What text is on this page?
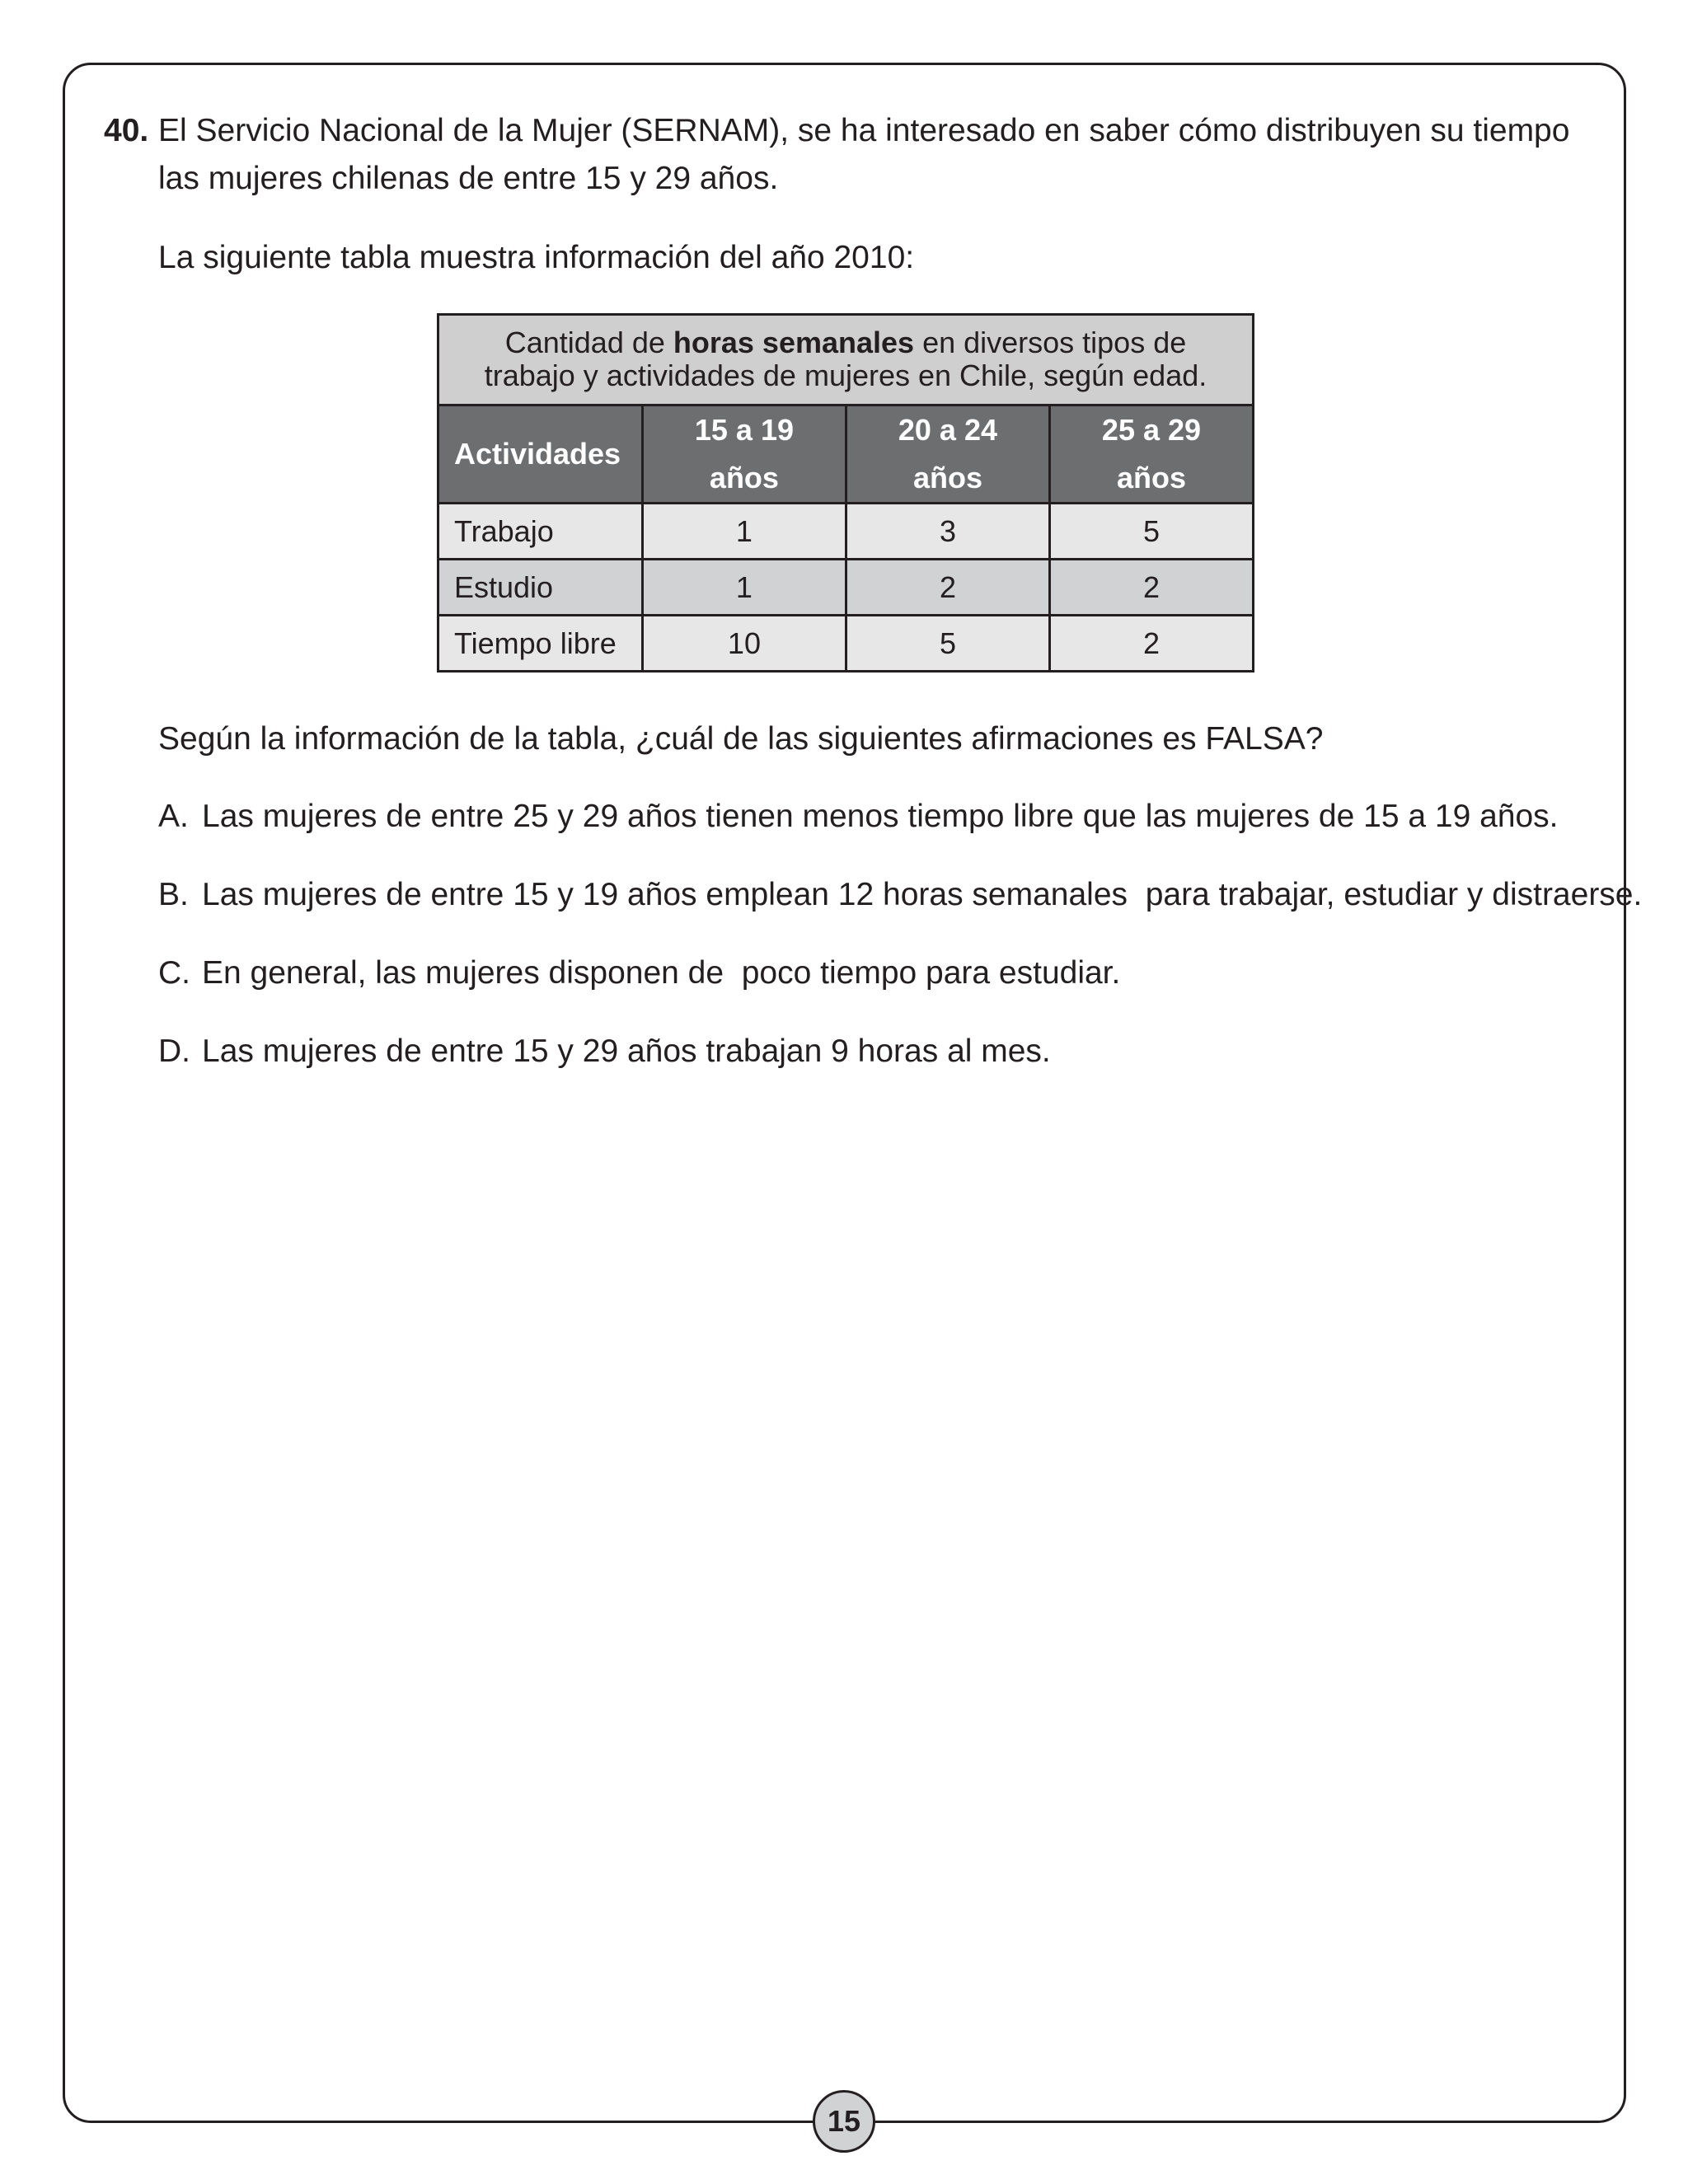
40. El Servicio Nacional de la Mujer (SERNAM), se ha interesado en saber cómo distribuyen su tiempo las mujeres chilenas de entre 15 y 29 años.

La siguiente tabla muestra información del año 2010:

Cantidad de horas semanales en diversos tipos de trabajo y actividades de mujeres en Chile, según edad.			
Actividades	15 a 19 años	20 a 24 años	25 a 29 años
Trabajo	1	3	5
Estudio	1	2	2
Tiempo libre	10	5	2

Según la información de la tabla, ¿cuál de las siguientes afirmaciones es FALSA?

A. Las mujeres de entre 25 y 29 años tienen menos tiempo libre que las mujeres de 15 a 19 años.
B. Las mujeres de entre 15 y 19 años emplean 12 horas semanales  para trabajar, estudiar y distraerse.
C. En general, las mujeres disponen de  poco tiempo para estudiar.
D. Las mujeres de entre 15 y 29 años trabajan 9 horas al mes.
15
